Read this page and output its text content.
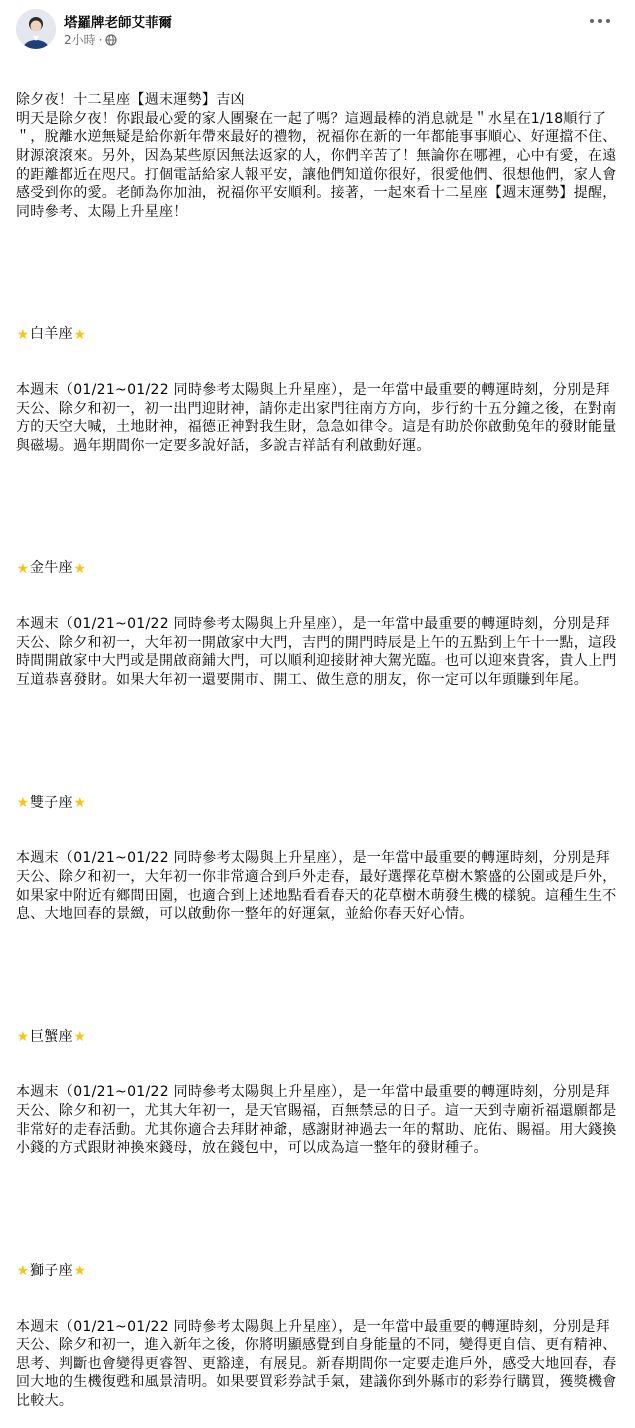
塔羅牌老師艾菲爾
2小時 ·

除夕夜！十二星座【週末運勢】吉凶
明天是除夕夜！你跟最心愛的家人團聚在一起了嗎？這週最棒的消息就是＂水星在1/18順行了＂，脫離水逆無疑是給你新年帶來最好的禮物，祝福你在新的一年都能事事順心、好運擋不住、財源滾滾來。另外，因為某些原因無法返家的人，你們辛苦了！無論你在哪裡，心中有愛，在遠的距離都近在咫尺。打個電話給家人報平安，讓他們知道你很好，很愛他們、很想他們，家人會感受到你的愛。老師為你加油，祝福你平安順利。接著，一起來看十二星座【週末運勢】提醒，同時參考、太陽上升星座！

★ 白羊座 ★

本週末（01/21~01/22 同時參考太陽與上升星座），是一年當中最重要的轉運時刻，分別是拜天公、除夕和初一，初一出門迎財神，請你走出家門往南方方向，步行約十五分鐘之後，在對南方的天空大喊，土地財神，福德正神對我生財，急急如律令。這是有助於你啟動兔年的發財能量與磁場。過年期間你一定要多說好話，多說吉祥話有利啟動好運。

★ 金牛座 ★

本週末（01/21~01/22 同時參考太陽與上升星座），是一年當中最重要的轉運時刻，分別是拜天公、除夕和初一，大年初一開啟家中大門，吉門的開門時辰是上午的五點到上午十一點，這段時間開啟家中大門或是開啟商鋪大門，可以順利迎接財神大駕光臨。也可以迎來貴客，貴人上門互道恭喜發財。如果大年初一還要開市、開工、做生意的朋友，你一定可以年頭賺到年尾。

★ 雙子座 ★

本週末（01/21~01/22 同時參考太陽與上升星座），是一年當中最重要的轉運時刻，分別是拜天公、除夕和初一，大年初一你非常適合到戶外走春，最好選擇花草樹木繁盛的公園或是戶外，如果家中附近有鄉間田園，也適合到上述地點看看春天的花草樹木萌發生機的樣貌。這種生生不息、大地回春的景緻，可以啟動你一整年的好運氣，並給你春天好心情。

★ 巨蟹座 ★

本週末（01/21~01/22 同時參考太陽與上升星座），是一年當中最重要的轉運時刻，分別是拜天公、除夕和初一，尤其大年初一，是天官賜福，百無禁忌的日子。這一天到寺廟祈福還願都是非常好的走春活動。尤其你適合去拜財神爺，感謝財神過去一年的幫助、庇佑、賜福。用大錢換小錢的方式跟財神換來錢母，放在錢包中，可以成為這一整年的發財種子。

★ 獅子座 ★

本週末（01/21~01/22 同時參考太陽與上升星座），是一年當中最重要的轉運時刻，分別是拜天公、除夕和初一，進入新年之後，你將明顯感覺到自身能量的不同，變得更自信、更有精神、思考、判斷也會變得更睿智、更豁達，有展見。新春期間你一定要走進戶外，感受大地回春，春回大地的生機復甦和風景清明。如果要買彩券試手氣，建議你到外縣市的彩券行購買，獲獎機會比較大。
